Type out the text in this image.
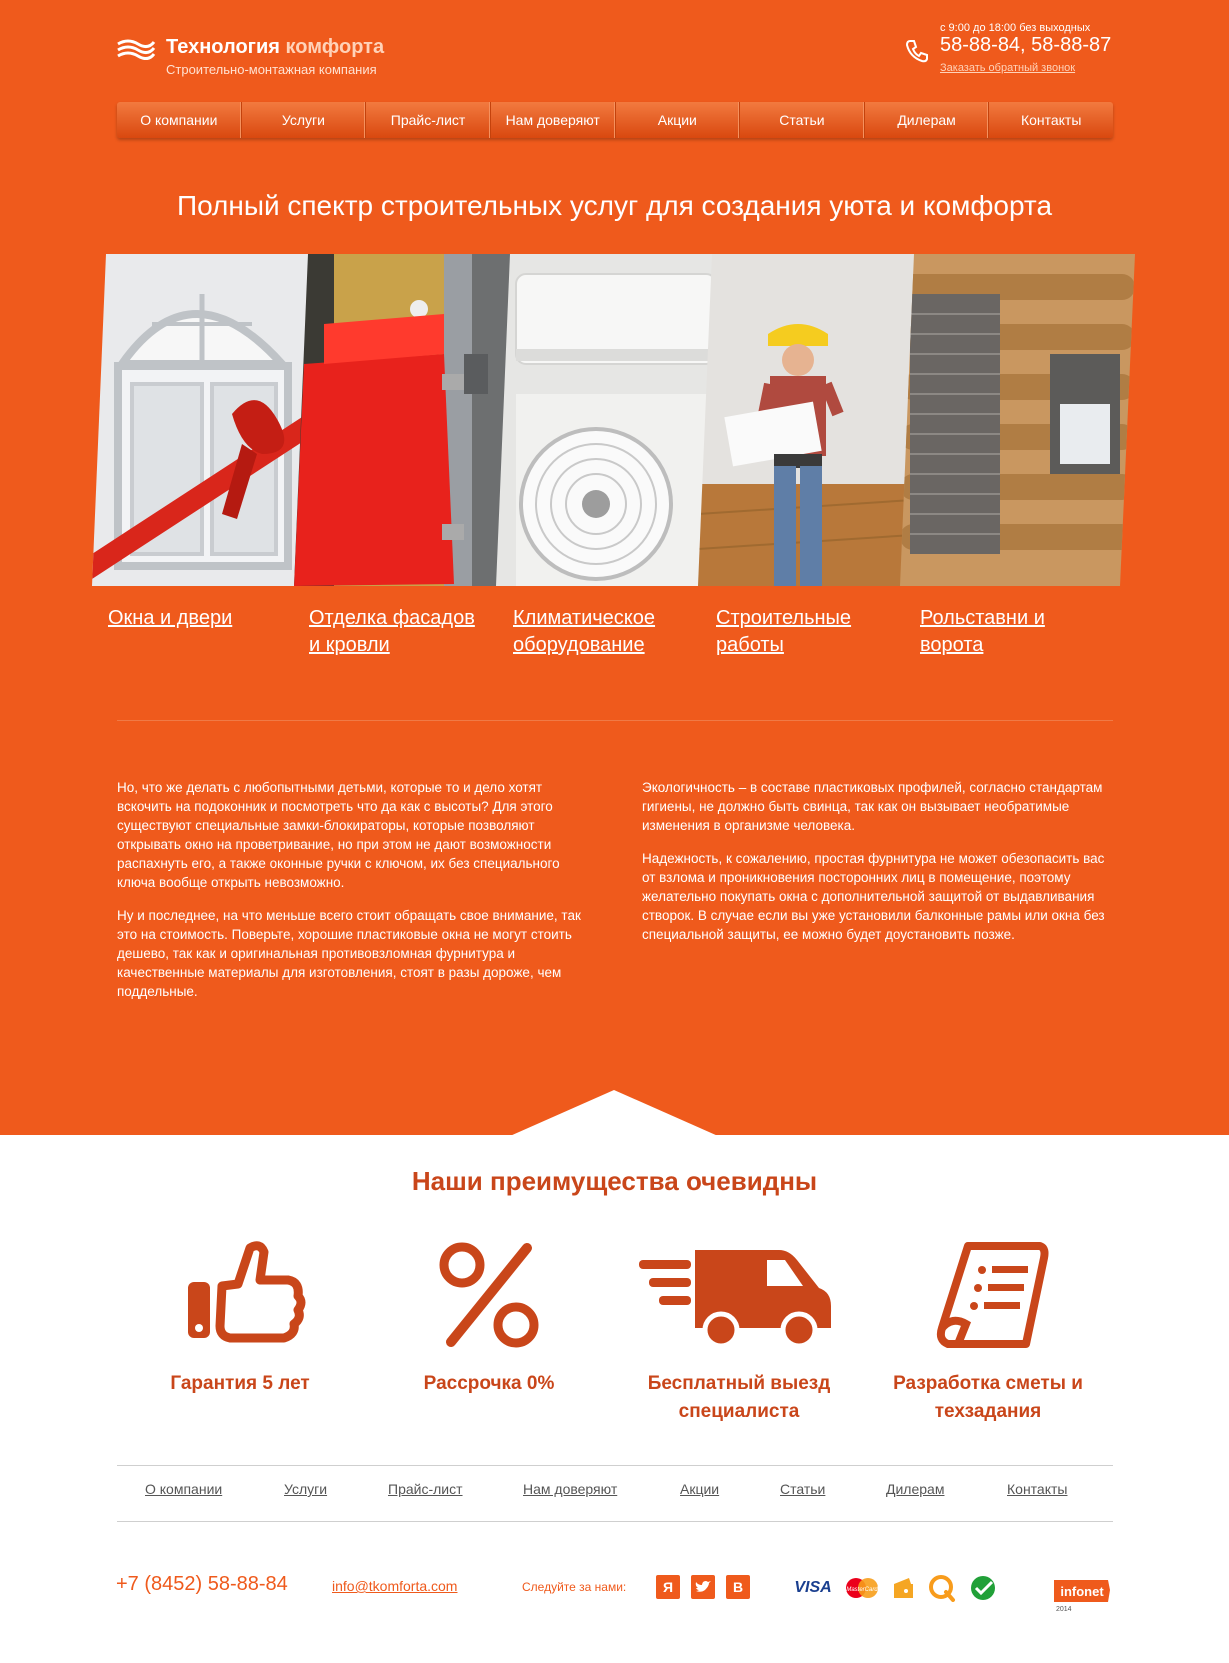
Технология комфорта
Строительно-монтажная компания
с 9:00 до 18:00 без выходных
58-88-84, 58-88-87
Заказать обратный звонок
О компании	Услуги	Прайс-лист	Нам доверяют	Акции	Статьи	Дилерам	Контакты
Полный спектр строительных услуг для создания уюта и комфорта
Окна и двери	Отделка фасадов
и кровли
Климатическое
оборудование
Строительные
работы
Рольставни и
ворота

Но, что же делать с любопытными детьми, которые то и дело хотят вскочить на подоконник и посмотреть что да как с высоты? Для этого существуют специальные замки-блокираторы, которые позволяют открывать окно на проветривание, но при этом не дают возможности распахнуть его, а также оконные ручки с ключом, их без специального ключа вообще открыть невозможно.

Ну и последнее, на что меньше всего стоит обращать свое внимание, так это на стоимость. Поверьте, хорошие пластиковые окна не могут стоить дешево, так как и оригинальная противовзломная фурнитура и качественные материалы для изготовления, стоят в разы дороже, чем поддельные.

Экологичность – в составе пластиковых профилей, согласно стандартам гигиены, не должно быть свинца, так как он вызывает необратимые изменения в организме человека.

Надежность, к сожалению, простая фурнитура не может обезопасить вас от взлома и проникновения посторонних лиц в помещение, поэтому желательно покупать окна с дополнительной защитой от выдавливания створок. В случае если вы уже установили балконные рамы или окна без специальной защиты, ее можно будет доустановить позже.

Наши преимущества очевидны
Гарантия 5 лет	Рассрочка 0%	Бесплатный выезд
специалиста
Разработка сметы и
техзадания
О компании	Услуги	Прайс-лист	Нам доверяют	Акции	Статьи	Дилерам	Контакты
+7 (8452) 58-88-84	info@tkomforta.com	Следуйте за нами:	Я	В	VISA	MasterCard	infonet
2014
